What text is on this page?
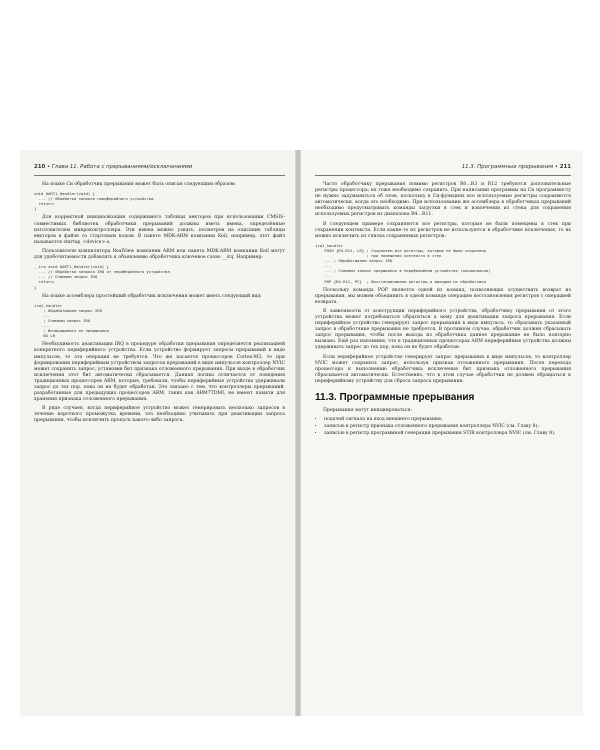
210 • Глава 11. Работа с прерываниями/исключениями

На языке Си обработчик прерывания может быть описан следующим образом:

void UART1_Handler(void) {
... // Обработка запроса периферийного устройства
return;
}

Для корректной инициализации содержимого таблицы векторов при использовании CMSIS-совместимых библиотек обработчики прерываний должны иметь имена, определённые изготовителем микроконтроллера. Эти имена можно узнать, посмотрев на описание таблицы векторов в файле со стартовым кодом. В пакете MDK-ARM компании Keil, например, этот файл называется startup_<device>.s.

Пользователи компилятора RealView компании ARM или пакета MDK-ARM компании Keil могут для удобочитаемости добавлять к объявлению обработчика ключевое слово __irq. Например:

__irq void UART1_Handler(void) {
... // Обработка запроса IRQ от периферийного устройства
... // Снимаем запрос IRQ
return;
}

На языке ассемблера простейший обработчик исключения может иметь следующий вид:

irq1_handler
; Обрабатываем запрос IRQ
...
; Снимаем запрос IRQ
...
; Возвращаемся из прерывания
BX LR

Необходимость деактивации IRQ в процедуре обработки прерывания определяется реализацией конкретного периферийного устройства. Если устройство формирует запросы прерываний в виде импульсов, то эта операция не требуется. Что же касается процессоров Cortex-M3, то при формировании периферийным устройством запросов прерываний в виде импульсов контроллер NVIC может сохранить запрос, установив бит признака отложенного прерывания. При входе в обработчик исключения этот бит автоматически сбрасывается. Данная логика отличается от поведения традиционных процессоров ARM, которые, требовали, чтобы периферийные устройства удерживали запрос до тех пор, пока он не будет обработан. Это связано с тем, что контроллеры прерываний, разработанные для предыдущих процессоров ARM, таких как ARM7TDMI, не имеют памяти для хранения признака отложенного прерывания.

В ряде случаев, когда периферийное устройство может генерировать несколько запросов в течение короткого промежутка времени, это необходимо учитывать при деактивации запроса прерывания, чтобы исключить пропуск какого-либо запроса.

11.3. Программные прерывания • 211

Часто обработчику прерывания помимо регистров R0…R3 и R12 требуются дополнительные регистры процессора; их тоже необходимо сохранить. При написании программы на Си программисту не нужно задумываться об этом, поскольку в Си-функциях все используемые регистры сохраняются автоматически, когда это необходимо. При использовании же ассемблера в обработчиках прерываний необходимо предусматривать команды загрузки в стек и извлечения из стека для сохранения используемых регистров из диапазона R4…R11.

В следующем примере сохраняются все регистры, которые не были помещены в стек при сохранении контекста. Если какие-то из регистров не используются в обработчике исключения, то их можно исключить из списка сохраняемых регистров:

irq1_handler
PUSH {R4-R11, LR} ; Сохраняем все регистры, которые не были сохранены
; при помещении контекста в стек
... ; Обрабатываем запрос IRQ
...
... ; Снимаем запрос прерывания в периферийном устройстве (опционально)
...
POP {R4-R11, PC}  ; Восстанавливаем регистры и выходим из обработчика

Поскольку команда POP является одной из команд, позволяющих осуществить возврат из прерывания, мы можем объединить в одной команде операцию восстановления регистров с операцией возврата.

В зависимости от конструкции периферийного устройства, обработчику прерывания от этого устройства может потребоваться обратиться к нему для деактивации запроса прерывания. Если периферийное устройство генерирует запрос прерывания в виде импульса, то сбрасывать указанный запрос в обработчике прерывания не требуется. В противном случае, обработчик должен сбрасывать запрос прерывания, чтобы после выхода из обработчика данное прерывание не было повторно вызвано. Ещё раз напомним, что в традиционных процессорах ARM периферийные устройства должны удерживать запрос до тех пор, пока он не будет обработан.

Если периферийное устройство генерирует запрос прерывания в виде импульсов, то контроллер NVIC может сохранить запрос, используя признак отложенного прерывания. После перехода процессора к выполнению обработчика исключения бит признака отложенного прерывания сбрасывается автоматически. Естественно, что в этом случае обработчик не должен обращаться к периферийному устройству для сброса запроса прерывания.

11.3. Программные прерывания

Прерывания могут инициироваться:

• подачей сигнала на вход внешнего прерывания;
• записью в регистр признака отложенного прерывания контроллера NVIC (см. Главу 8);
• записью в регистр программной генерации прерывания STIR контроллера NVIC (см. Главу 8).
